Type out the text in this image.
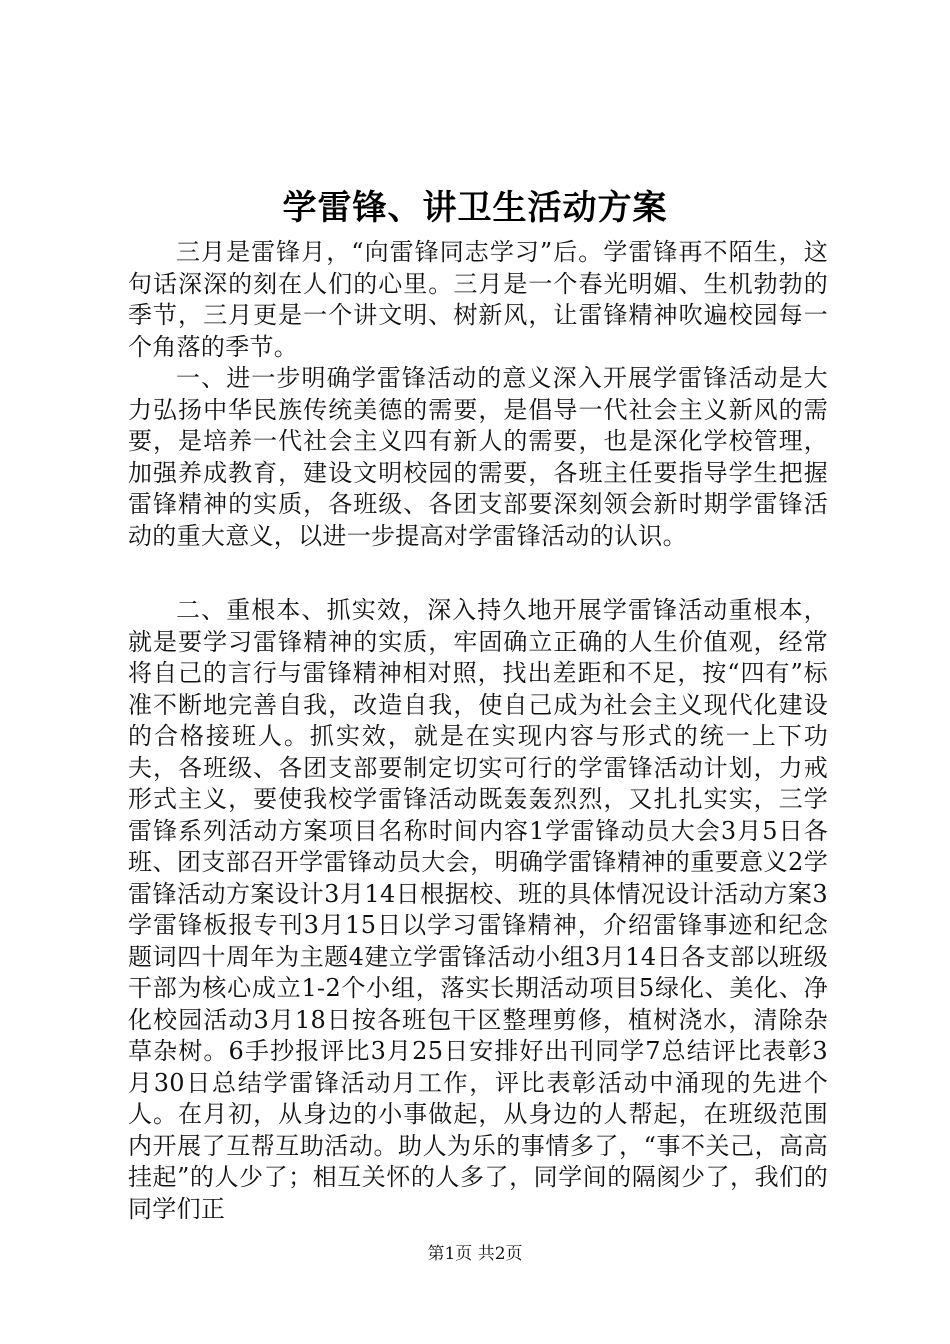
学雷锋、讲卫生活动方案

三月是雷锋月，“向雷锋同志学习”后。学雷锋再不陌生，这句话深深的刻在人们的心里。三月是一个春光明媚、生机勃勃的季节，三月更是一个讲文明、树新风，让雷锋精神吹遍校园每一个角落的季节。

一、进一步明确学雷锋活动的意义深入开展学雷锋活动是大力弘扬中华民族传统美德的需要，是倡导一代社会主义新风的需要，是培养一代社会主义四有新人的需要，也是深化学校管理，加强养成教育，建设文明校园的需要，各班主任要指导学生把握雷锋精神的实质，各班级、各团支部要深刻领会新时期学雷锋活动的重大意义，以进一步提高对学雷锋活动的认识。

二、重根本、抓实效，深入持久地开展学雷锋活动重根本，就是要学习雷锋精神的实质，牢固确立正确的人生价值观，经常将自己的言行与雷锋精神相对照，找出差距和不足，按“四有”标准不断地完善自我，改造自我，使自己成为社会主义现代化建设的合格接班人。抓实效，就是在实现内容与形式的统一上下功夫，各班级、各团支部要制定切实可行的学雷锋活动计划，力戒形式主义，要使我校学雷锋活动既轰轰烈烈，又扎扎实实，三学雷锋系列活动方案项目名称时间内容1学雷锋动员大会3月5日各班、团支部召开学雷锋动员大会，明确学雷锋精神的重要意义2学雷锋活动方案设计3月14日根据校、班的具体情况设计活动方案3学雷锋板报专刊3月15日以学习雷锋精神，介绍雷锋事迹和纪念题词四十周年为主题4建立学雷锋活动小组3月14日各支部以班级干部为核心成立1-2个小组，落实长期活动项目5绿化、美化、净化校园活动3月18日按各班包干区整理剪修，植树浇水，清除杂草杂树。6手抄报评比3月25日安排好出刊同学7总结评比表彰3月30日总结学雷锋活动月工作，评比表彰活动中涌现的先进个人。在月初，从身边的小事做起，从身边的人帮起，在班级范围内开展了互帮互助活动。助人为乐的事情多了，“事不关己，高高挂起”的人少了；相互关怀的人多了，同学间的隔阂少了，我们的同学们正

第1页 共2页
